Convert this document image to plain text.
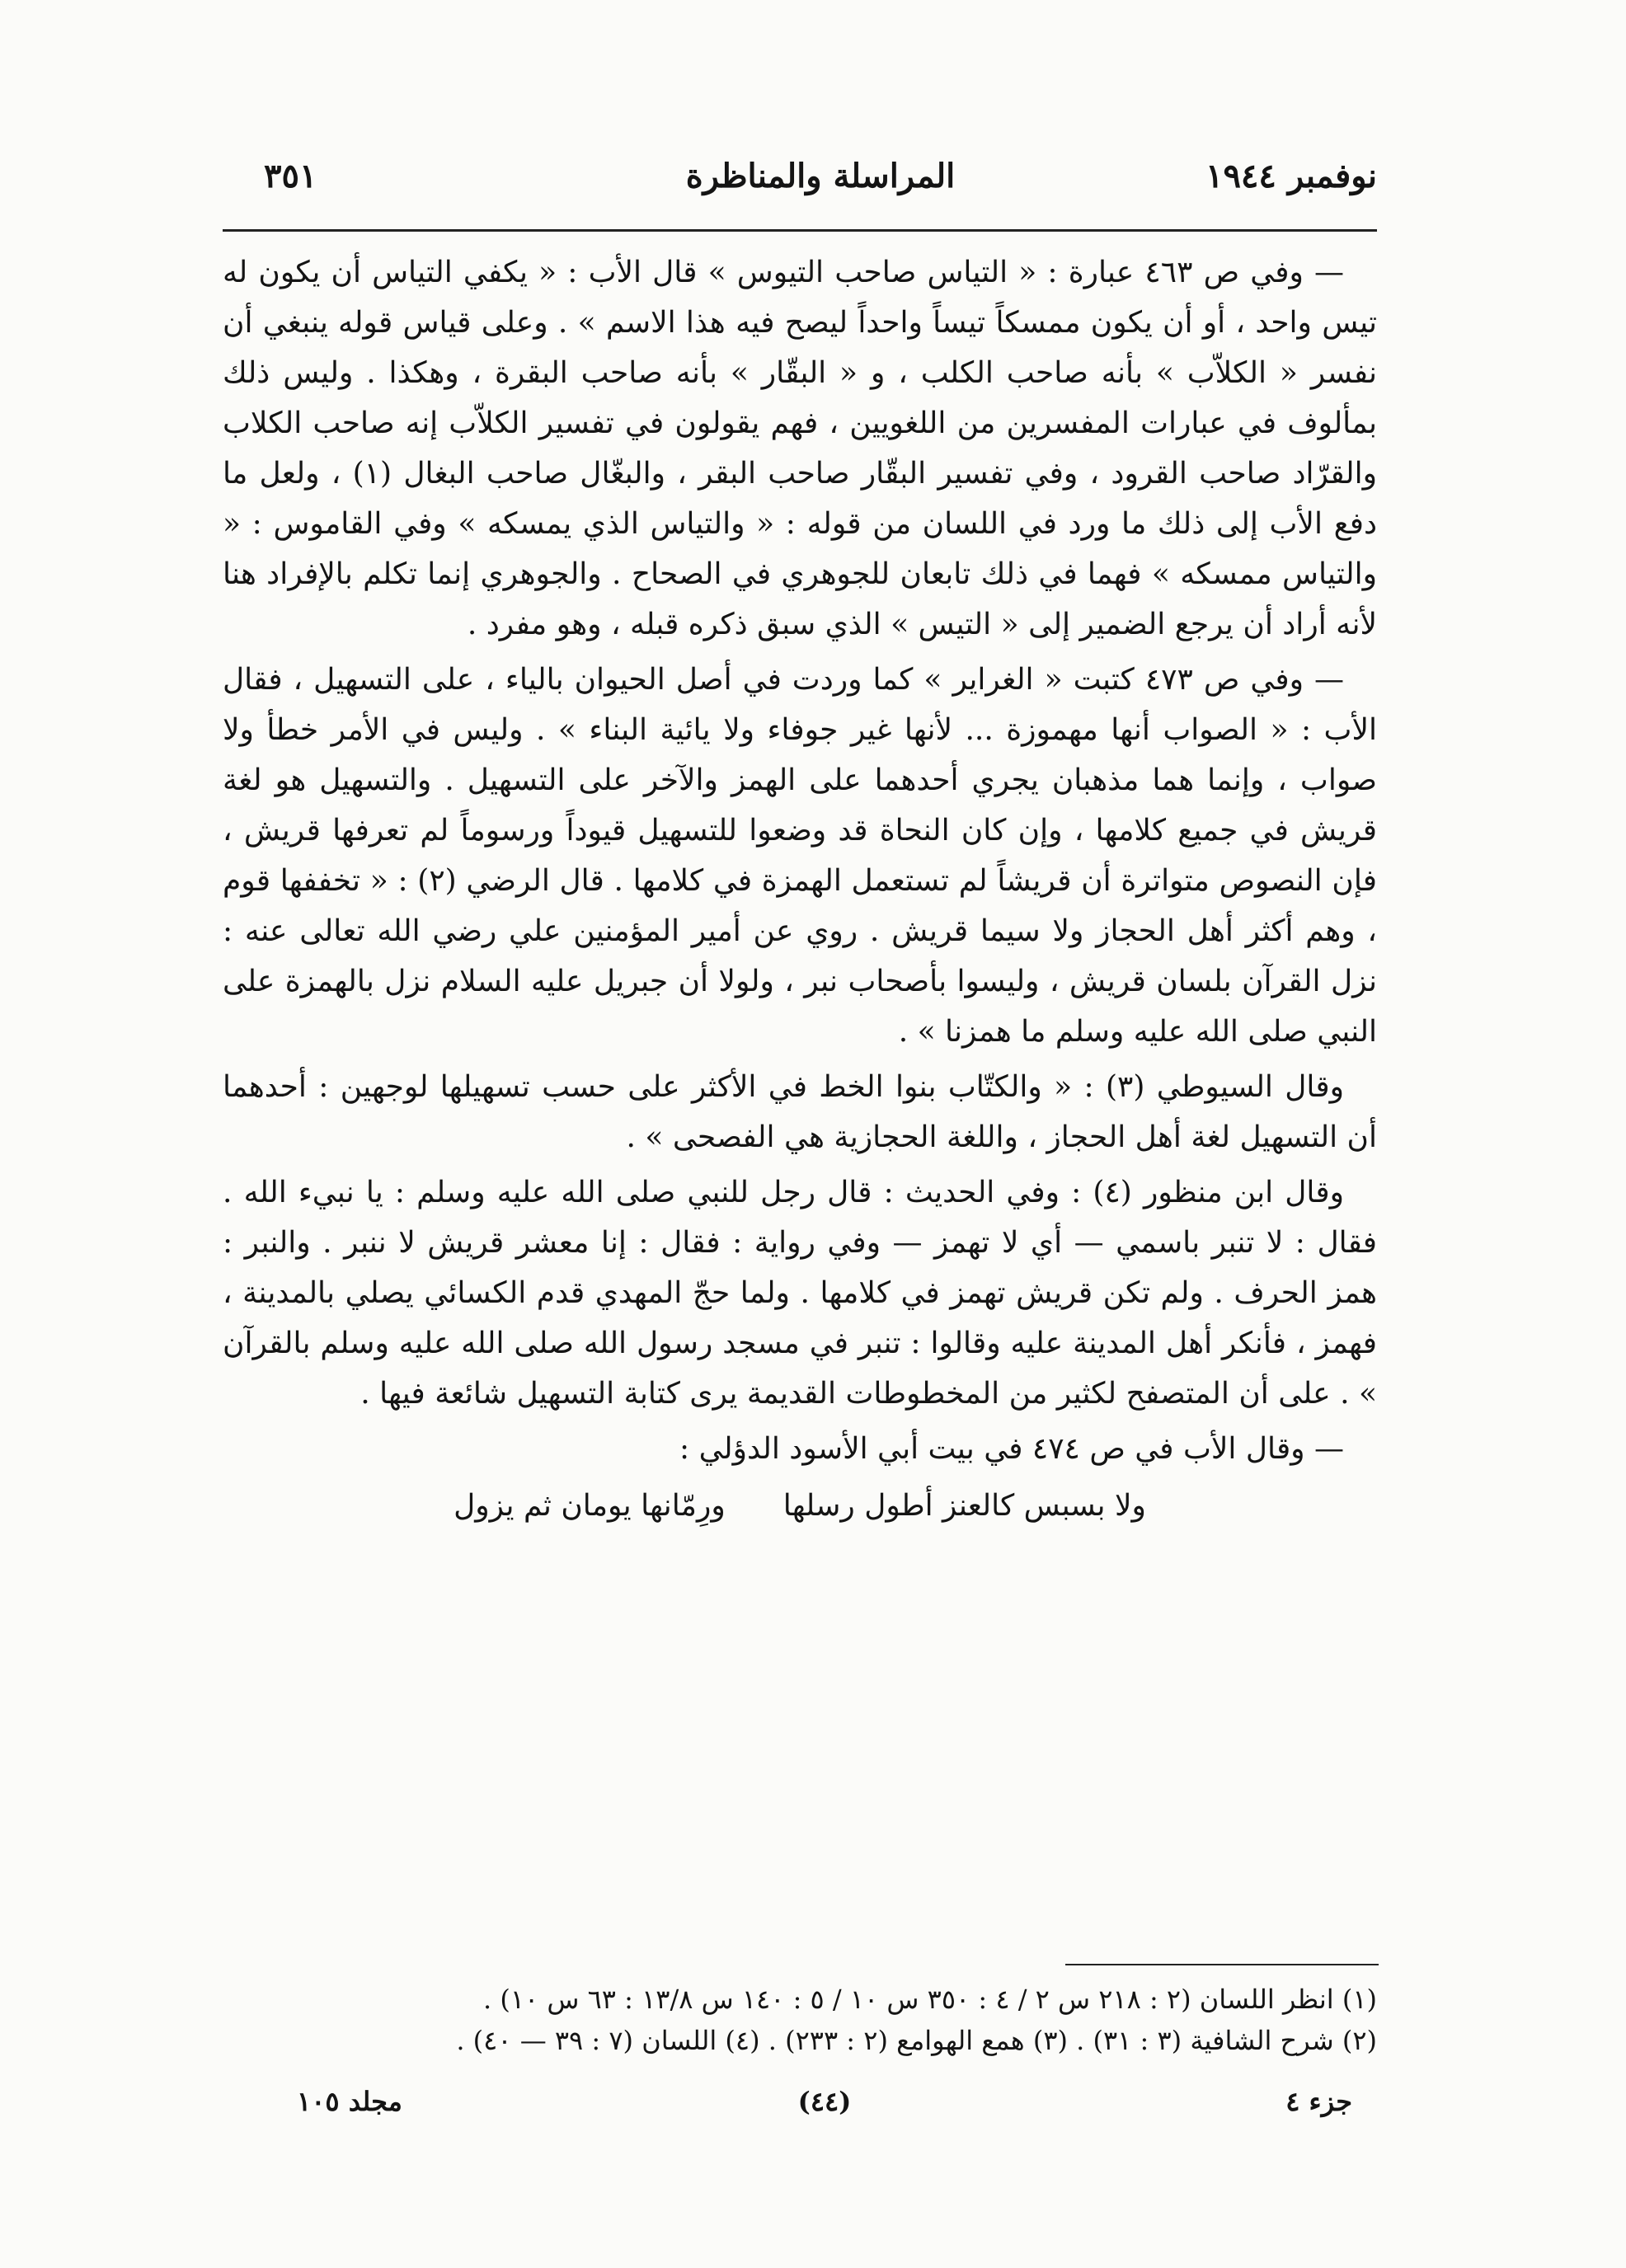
نوفمبر ١٩٤٤
المراسلة والمناظرة
٣٥١

— وفي ص ٤٦٣ عبارة : « التياس صاحب التيوس » قال الأب : « يكفي التياس أن يكون له تيس واحد ، أو أن يكون ممسكاً تيساً واحداً ليصح فيه هذا الاسم » . وعلى قياس قوله ينبغي أن نفسر « الكلاّب » بأنه صاحب الكلب ، و « البقّار » بأنه صاحب البقرة ، وهكذا . وليس ذلك بمألوف في عبارات المفسرين من اللغويين ، فهم يقولون في تفسير الكلاّب إنه صاحب الكلاب والقرّاد صاحب القرود ، وفي تفسير البقّار صاحب البقر ، والبغّال صاحب البغال (١) ، ولعل ما دفع الأب إلى ذلك ما ورد في اللسان من قوله : « والتياس الذي يمسكه » وفي القاموس : « والتياس ممسكه » فهما في ذلك تابعان للجوهري في الصحاح . والجوهري إنما تكلم بالإفراد هنا لأنه أراد أن يرجع الضمير إلى « التيس » الذي سبق ذكره قبله ، وهو مفرد .

— وفي ص ٤٧٣ كتبت « الغراير » كما وردت في أصل الحيوان بالياء ، على التسهيل ، فقال الأب : « الصواب أنها مهموزة ... لأنها غير جوفاء ولا يائية البناء » . وليس في الأمر خطأ ولا صواب ، وإنما هما مذهبان يجري أحدهما على الهمز والآخر على التسهيل . والتسهيل هو لغة قريش في جميع كلامها ، وإن كان النحاة قد وضعوا للتسهيل قيوداً ورسوماً لم تعرفها قريش ، فإن النصوص متواترة أن قريشاً لم تستعمل الهمزة في كلامها . قال الرضي (٢) : « تخففها قوم ، وهم أكثر أهل الحجاز ولا سيما قريش . روي عن أمير المؤمنين علي رضي الله تعالى عنه : نزل القرآن بلسان قريش ، وليسوا بأصحاب نبر ، ولولا أن جبريل عليه السلام نزل بالهمزة على النبي صلى الله عليه وسلم ما همزنا » .

وقال السيوطي (٣) : « والكتّاب بنوا الخط في الأكثر على حسب تسهيلها لوجهين : أحدهما أن التسهيل لغة أهل الحجاز ، واللغة الحجازية هي الفصحى » .

وقال ابن منظور (٤) : وفي الحديث : قال رجل للنبي صلى الله عليه وسلم : يا نبيء الله . فقال : لا تنبر باسمي — أي لا تهمز — وفي رواية : فقال : إنا معشر قريش لا ننبر . والنبر : همز الحرف . ولم تكن قريش تهمز في كلامها . ولما حجّ المهدي قدم الكسائي يصلي بالمدينة ، فهمز ، فأنكر أهل المدينة عليه وقالوا : تنبر في مسجد رسول الله صلى الله عليه وسلم بالقرآن » . على أن المتصفح لكثير من المخطوطات القديمة يرى كتابة التسهيل شائعة فيها .

— وقال الأب في ص ٤٧٤ في بيت أبي الأسود الدؤلي :

ولا بسبس كالعنز أطول رسلها
ورِمّانها يومان ثم يزول
(١) انظر اللسان (٢ : ٢١٨ س ٢ / ٤ : ٣٥٠ س ١٠ / ٥ : ١٤٠ س ١٣/٨ : ٦٣ س ١٠) .
(٢) شرح الشافية (٣ : ٣١) . (٣) همع الهوامع (٢ : ٢٣٣) . (٤) اللسان (٧ : ٣٩ — ٤٠) .
جزء ٤
(٤٤)
مجلد ١٠٥
